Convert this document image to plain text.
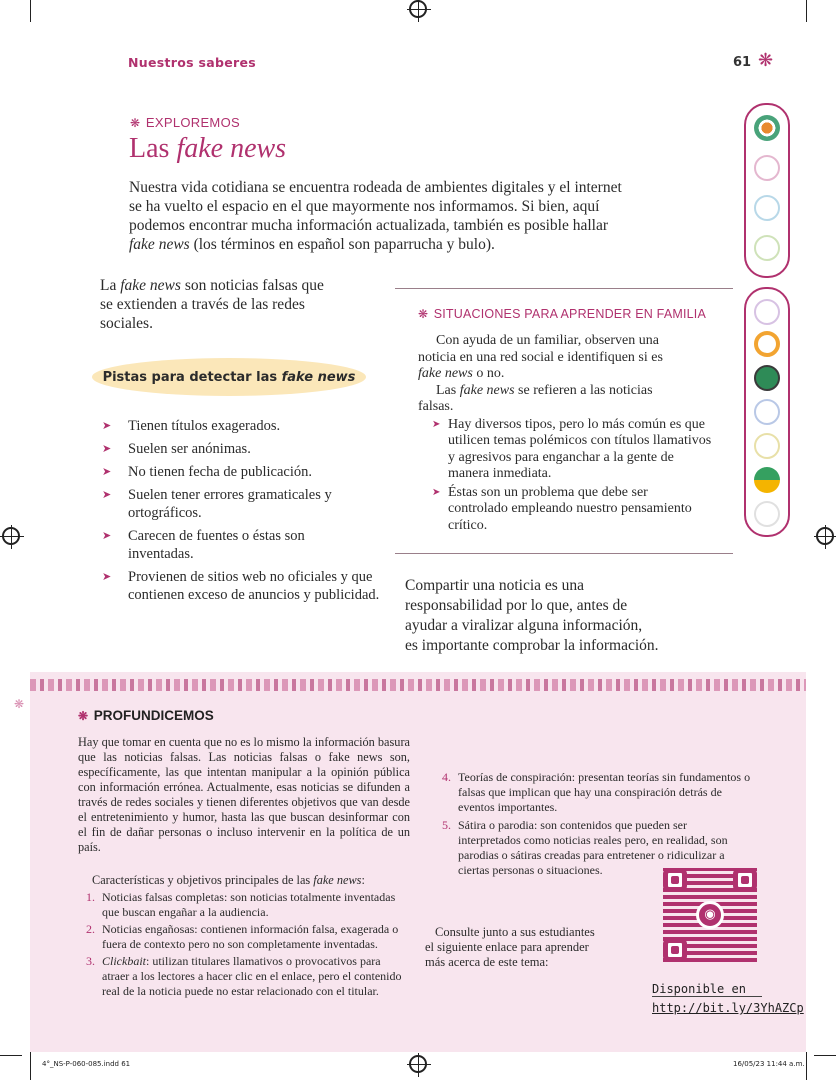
Nuestros saberes	61 ❋
❋ EXPLOREMOS
Las fake news
Nuestra vida cotidiana se encuentra rodeada de ambientes digitales y el internet
se ha vuelto el espacio en el que mayormente nos informamos. Si bien, aquí
podemos encontrar mucha información actualizada, también es posible hallar
fake news (los términos en español son paparrucha y bulo).
La fake news son noticias falsas que
se extienden a través de las redes
sociales.
Pistas para detectar las
fake news
➤ Tienen títulos exagerados.
➤ Suelen ser anónimas.
➤ No tienen fecha de publicación.
➤ Suelen tener errores gramaticales y ortográficos.
➤ Carecen de fuentes o éstas son inventadas.
➤ Provienen de sitios web no oficiales y que contienen exceso de anuncios y publicidad.
❋ SITUACIONES PARA APRENDER EN FAMILIA
Con ayuda de un familiar, observen una
noticia en una red social e identifiquen si es
fake news o no.
Las fake news se refieren a las noticias
falsas.
➤ Hay diversos tipos, pero lo más común es que utilicen temas polémicos con títulos llamativos y agresivos para enganchar a la gente de manera inmediata.
➤ Éstas son un problema que debe ser controlado empleando nuestro pensamiento crítico.
Compartir una noticia es una
responsabilidad por lo que, antes de
ayudar a viralizar alguna información,
es importante comprobar la información.
❋
❋ PROFUNDICEMOS
Hay que tomar en cuenta que no es lo mismo la información basura que las noticias falsas. Las noticias falsas o fake news son, específicamente, las que intentan manipular a la opinión pública con información errónea. Actualmente, esas noticias se difunden a través de redes sociales y tienen diferentes objetivos que van desde el entretenimiento y humor, hasta las que buscan desinformar con el fin de dañar personas o incluso intervenir en la política de un país.
Características y objetivos principales de las fake news:
1. Noticias falsas completas: son noticias totalmente inventadas que buscan engañar a la audiencia.
2. Noticias engañosas: contienen información falsa, exagerada o fuera de contexto pero no son completamente inventadas.
3. Clickbait: utilizan titulares llamativos o provocativos para atraer a los lectores a hacer clic en el enlace, pero el contenido real de la noticia puede no estar relacionado con el titular.
4. Teorías de conspiración: presentan teorías sin fundamentos o falsas que implican que hay una conspiración detrás de eventos importantes.
5. Sátira o parodia: son contenidos que pueden ser interpretados como noticias reales pero, en realidad, son parodias o sátiras creadas para entretener o ridiculizar a ciertas personas o situaciones.
Consulte junto a sus estudiantes
el siguiente enlace para aprender
más acerca de este tema:
◉
Disponible en
http://bit.ly/3YhAZCp
4°_NS-P-060-085.indd 61	16/05/23 11:44 a.m.
